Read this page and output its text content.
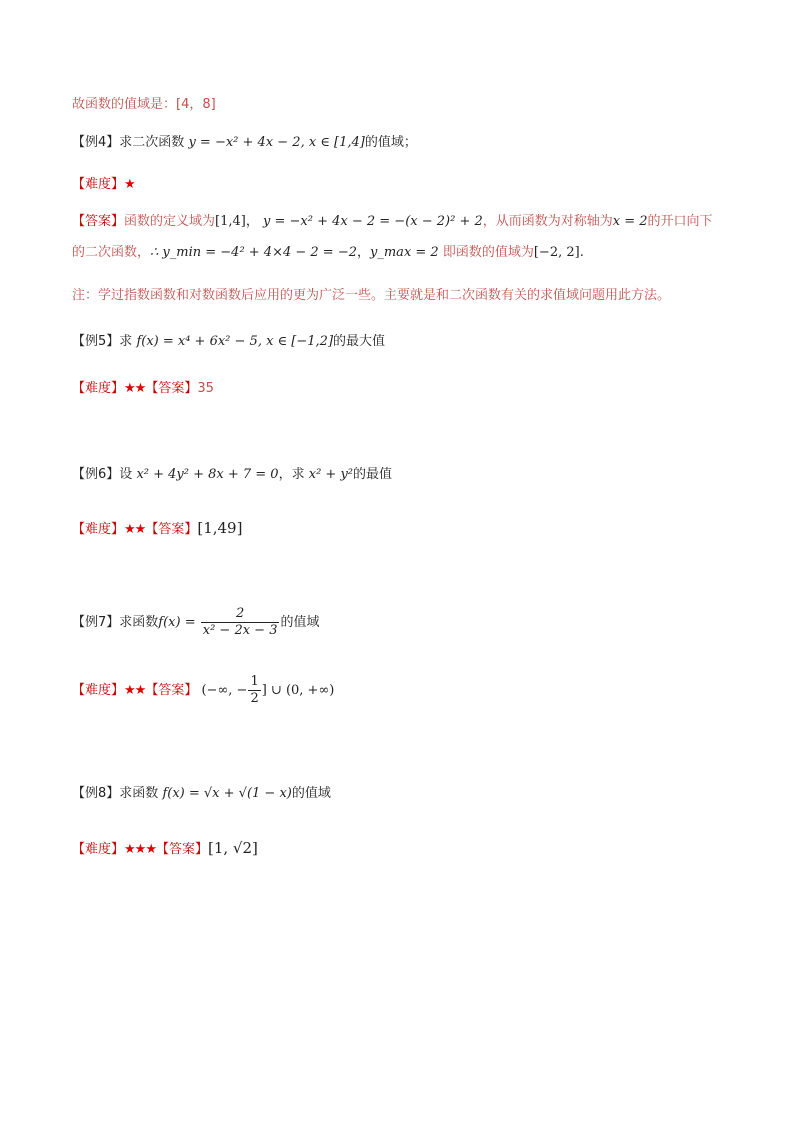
故函数的值域是：[4，8]
【例4】求二次函数 y = −x² + 4x − 2, x ∈ [1,4]的值域；
【难度】★
【答案】函数的定义域为[1,4]， y = −x² + 4x − 2 = −(x − 2)² + 2，从而函数为对称轴为x = 2的开口向下
的二次函数，∴ y_min = −4² + 4×4 − 2 = −2，y_max = 2 即函数的值域为[−2, 2].
注：学过指数函数和对数函数后应用的更为广泛一些。主要就是和二次函数有关的求值域问题用此方法。
【例5】求 f(x) = x⁴ + 6x² − 5, x ∈ [−1,2]的最大值
【难度】★★【答案】35
【例6】设 x² + 4y² + 8x + 7 = 0，求 x² + y²的最值
【难度】★★【答案】[1,49]
【例7】求函数$f(x) = \frac{2}{\text{x² − 2x − 3}}$ 的值域
【难度】★★【答案】 (−∞, − $\frac{1}{2}$ ] ∪ (0, +∞)
【例8】求函数 f(x) = √x + √(1 − x)的值域
【难度】★★★【答案】[1, √2]
